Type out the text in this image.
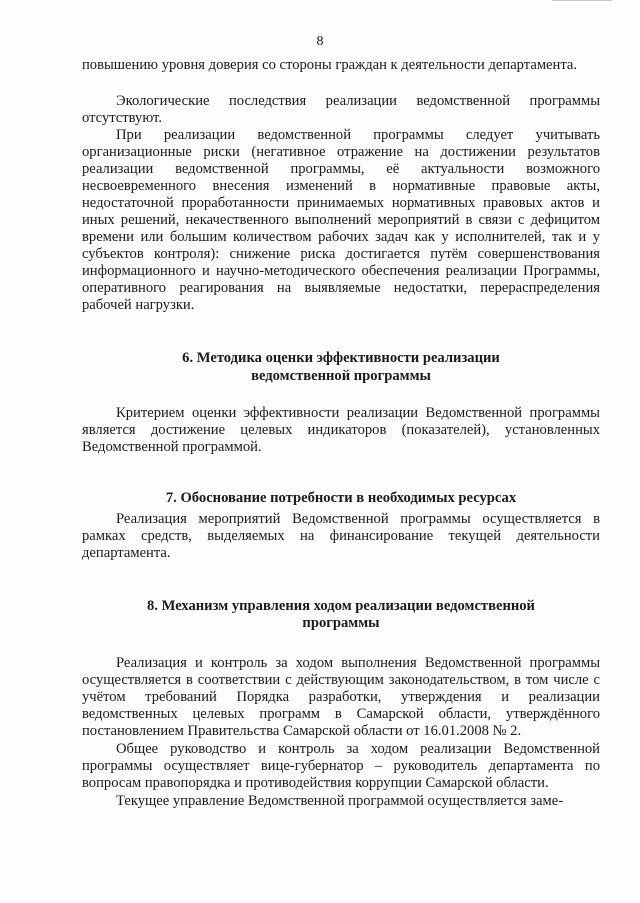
8
повышению уровня доверия со стороны граждан к деятельности департамента.
Экологические последствия реализации ведомственной программы отсутствуют.
При реализации ведомственной программы следует учитывать организационные риски (негативное отражение на достижении результатов реализации ведомственной программы, её актуальности возможного несвоевременного внесения изменений в нормативные правовые акты, недостаточной проработанности принимаемых нормативных правовых актов и иных решений, некачественного выполнений мероприятий в связи с дефицитом времени или большим количеством рабочих задач как у исполнителей, так и у субъектов контроля): снижение риска достигается путём совершенствования информационного и научно-методического обеспечения реализации Программы, оперативного реагирования на выявляемые недостатки, перераспределения рабочей нагрузки.
6. Методика оценки эффективности реализации
ведомственной программы
Критерием оценки эффективности реализации Ведомственной программы является достижение целевых индикаторов (показателей), установленных Ведомственной программой.
7. Обоснование потребности в необходимых ресурсах
Реализация мероприятий Ведомственной программы осуществляется в рамках средств, выделяемых на финансирование текущей деятельности департамента.
8. Механизм управления ходом реализации ведомственной
программы
Реализация и контроль за ходом выполнения Ведомственной программы осуществляется в соответствии с действующим законодательством, в том числе с учётом требований Порядка разработки, утверждения и реализации ведомственных целевых программ в Самарской области, утверждённого постановлением Правительства Самарской области от 16.01.2008 № 2.
Общее руководство и контроль за ходом реализации Ведомственной программы осуществляет вице-губернатор – руководитель департамента по вопросам правопорядка и противодействия коррупции Самарской области.
Текущее управление Ведомственной программой осуществляется заме-
